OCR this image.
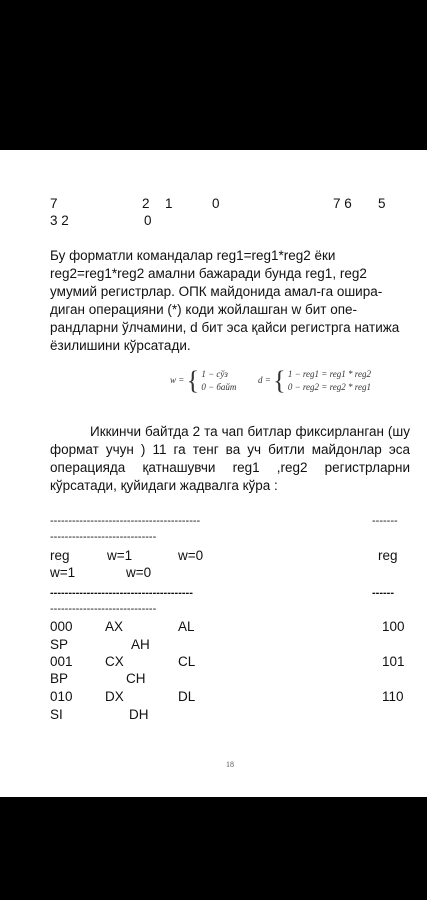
7	2 1	0	7 6 5
3 2	0
Бу форматли командалар reg1=reg1*reg2 ёки reg2=reg1*reg2 амални бажаради бунда reg1, reg2 умумий регистрлар. ОПК майдонида амал-га ошира-диган операцияни (*) коди жойлашган w бит опе-рандларни ўлчамини, d бит эса қайси регистрга натижа ёзилишини кўрсатади.
w = { 1 − сўз
0 − байт
d = { 1 − reg1 = reg1 * reg2
0 − reg2 = reg2 * reg1
Иккинчи байтда 2 та чап битлар фиксирланган (шу формат учун ) 11 га тенг ва уч битли майдонлар эса операцияда қатнашувчи reg1 ,reg2 регистрларни кўрсатади, қуйидаги жадвалга кўра :
-----------------------------------------	-------
-----------------------------
reg	w=1	w=0	reg
w=1	w=0
---------------------------------------	------
-----------------------------
000 AX	AL	100
SP	AH
001 CX	CL	101
BP	CH
010 DX	DL	110
SI	DH
18
